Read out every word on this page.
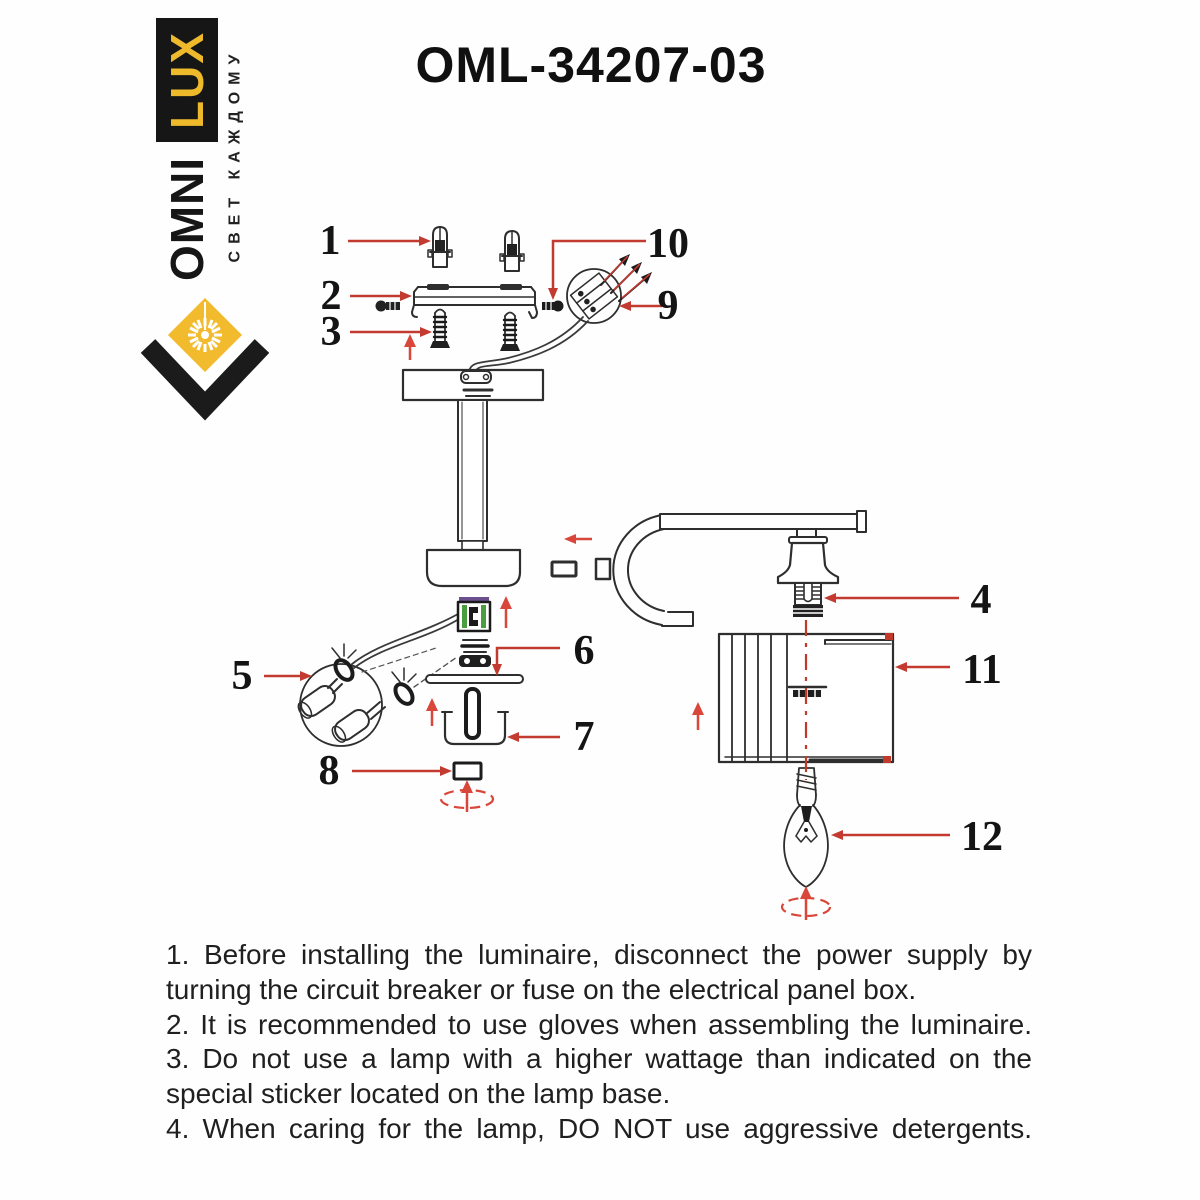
LUX
OMNI СВЕТ КАЖДОМУ	OML-34207-03
1
2
3
4
5
6
7
8
9
10
11
12
1. Before installing the luminaire, disconnect the power supply by
turning the circuit breaker or fuse on the electrical panel box.
2. It is recommended to use gloves when assembling the luminaire.
3. Do not use a lamp with a higher wattage than indicated on the
special sticker located on the lamp base.
4. When caring for the lamp, DO NOT use aggressive detergents.
